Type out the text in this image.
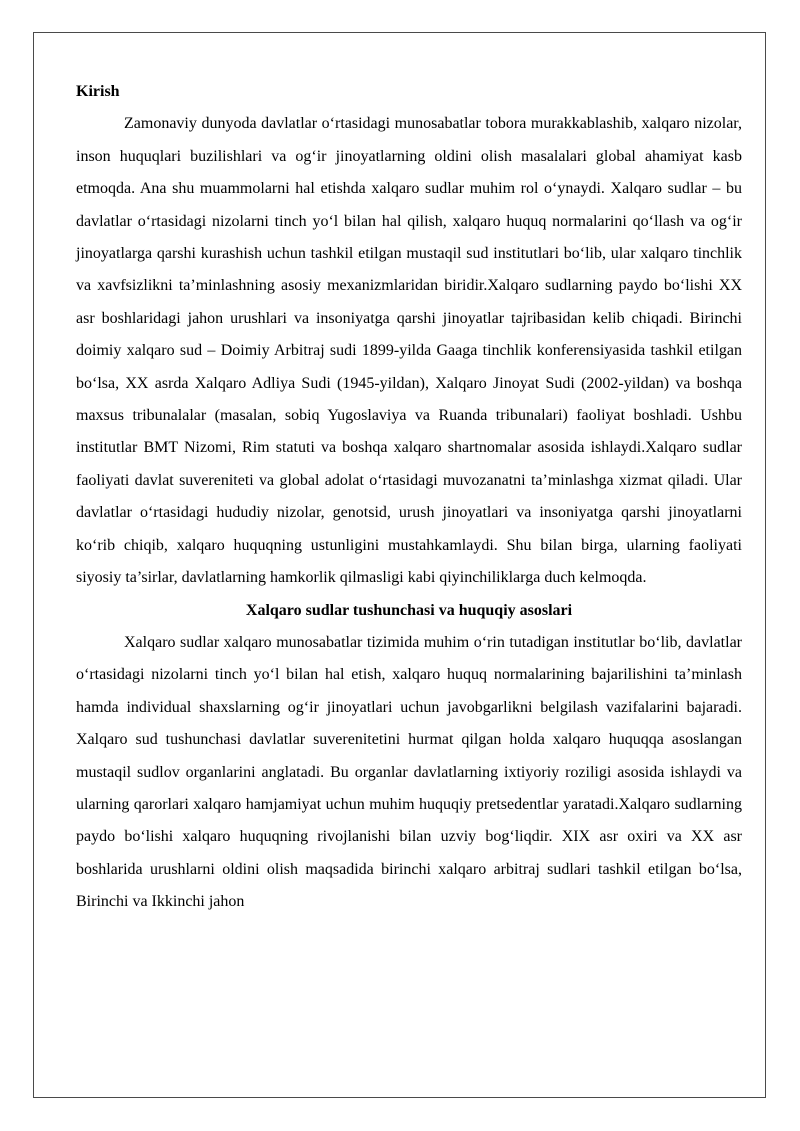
Kirish

Zamonaviy dunyoda davlatlar o‘rtasidagi munosabatlar tobora murakkablashib, xalqaro nizolar, inson huquqlari buzilishlari va og‘ir jinoyatlarning oldini olish masalalari global ahamiyat kasb etmoqda. Ana shu muammolarni hal etishda xalqaro sudlar muhim rol o‘ynaydi. Xalqaro sudlar – bu davlatlar o‘rtasidagi nizolarni tinch yo‘l bilan hal qilish, xalqaro huquq normalarini qo‘llash va og‘ir jinoyatlarga qarshi kurashish uchun tashkil etilgan mustaqil sud institutlari bo‘lib, ular xalqaro tinchlik va xavfsizlikni ta’minlashning asosiy mexanizmlaridan biridir.Xalqaro sudlarning paydo bo‘lishi XX asr boshlaridagi jahon urushlari va insoniyatga qarshi jinoyatlar tajribasidan kelib chiqadi. Birinchi doimiy xalqaro sud – Doimiy Arbitraj sudi 1899-yilda Gaaga tinchlik konferensiyasida tashkil etilgan bo‘lsa, XX asrda Xalqaro Adliya Sudi (1945-yildan), Xalqaro Jinoyat Sudi (2002-yildan) va boshqa maxsus tribunalalar (masalan, sobiq Yugoslaviya va Ruanda tribunalari) faoliyat boshladi. Ushbu institutlar BMT Nizomi, Rim statuti va boshqa xalqaro shartnomalar asosida ishlaydi.Xalqaro sudlar faoliyati davlat suvereniteti va global adolat o‘rtasidagi muvozanatni ta’minlashga xizmat qiladi. Ular davlatlar o‘rtasidagi hududiy nizolar, genotsid, urush jinoyatlari va insoniyatga qarshi jinoyatlarni ko‘rib chiqib, xalqaro huquqning ustunligini mustahkamlaydi. Shu bilan birga, ularning faoliyati siyosiy ta’sirlar, davlatlarning hamkorlik qilmasligi kabi qiyinchiliklarga duch kelmoqda.

Xalqaro sudlar tushunchasi va huquqiy asoslari

Xalqaro sudlar xalqaro munosabatlar tizimida muhim o‘rin tutadigan institutlar bo‘lib, davlatlar o‘rtasidagi nizolarni tinch yo‘l bilan hal etish, xalqaro huquq normalarining bajarilishini ta’minlash hamda individual shaxslarning og‘ir jinoyatlari uchun javobgarlikni belgilash vazifalarini bajaradi. Xalqaro sud tushunchasi davlatlar suverenitetini hurmat qilgan holda xalqaro huquqqa asoslangan mustaqil sudlov organlarini anglatadi. Bu organlar davlatlarning ixtiyoriy roziligi asosida ishlaydi va ularning qarorlari xalqaro hamjamiyat uchun muhim huquqiy pretsedentlar yaratadi.Xalqaro sudlarning paydo bo‘lishi xalqaro huquqning rivojlanishi bilan uzviy bog‘liqdir. XIX asr oxiri va XX asr boshlarida urushlarni oldini olish maqsadida birinchi xalqaro arbitraj sudlari tashkil etilgan bo‘lsa, Birinchi va Ikkinchi jahon
